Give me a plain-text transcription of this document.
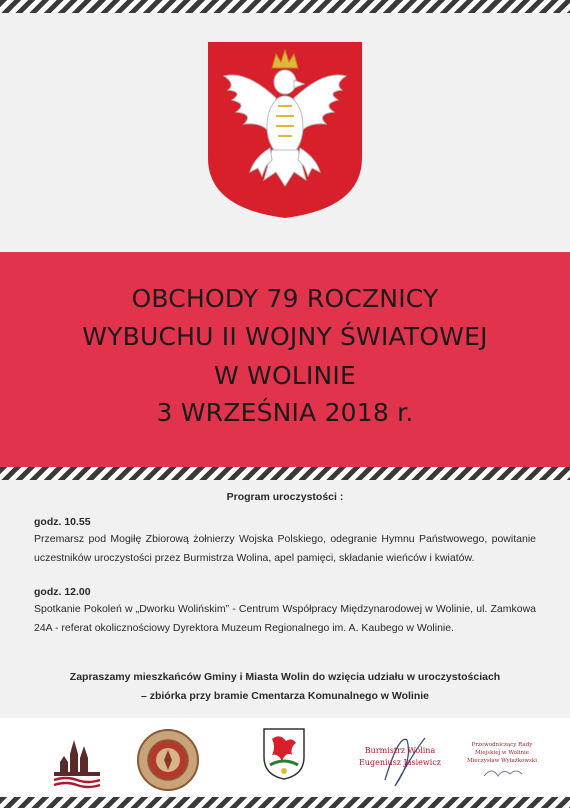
OBCHODY 79 ROCZNICY
WYBUCHU II WOJNY ŚWIATOWEJ
W WOLINIE
3 WRZEŚNIA 2018 r.
Program uroczystości :
godz. 10.55
Przemarsz pod Mogiłę Zbiorową żołnierzy Wojska Polskiego, odegranie Hymnu Państwowego, powitanie uczestników uroczystości przez Burmistrza Wolina, apel pamięci, składanie wieńców i kwiatów.
godz. 12.00
Spotkanie Pokoleń w „Dworku Wolińskim” - Centrum Współpracy Międzynarodowej w Wolinie, ul. Zamkowa 24A - referat okolicznościowy Dyrektora Muzeum Regionalnego im. A. Kaubego w Wolinie.
Zapraszamy mieszkańców Gminy i Miasta Wolin do wzięcia udziału w uroczystościach
– zbiórka przy bramie Cmentarza Komunalnego w Wolinie
Burmistrz Wolina
Eugeniusz Jasiewicz
Przewodniczący Rady
Miejskiej w Wolinie
Mieczysław Wyłażkowski
